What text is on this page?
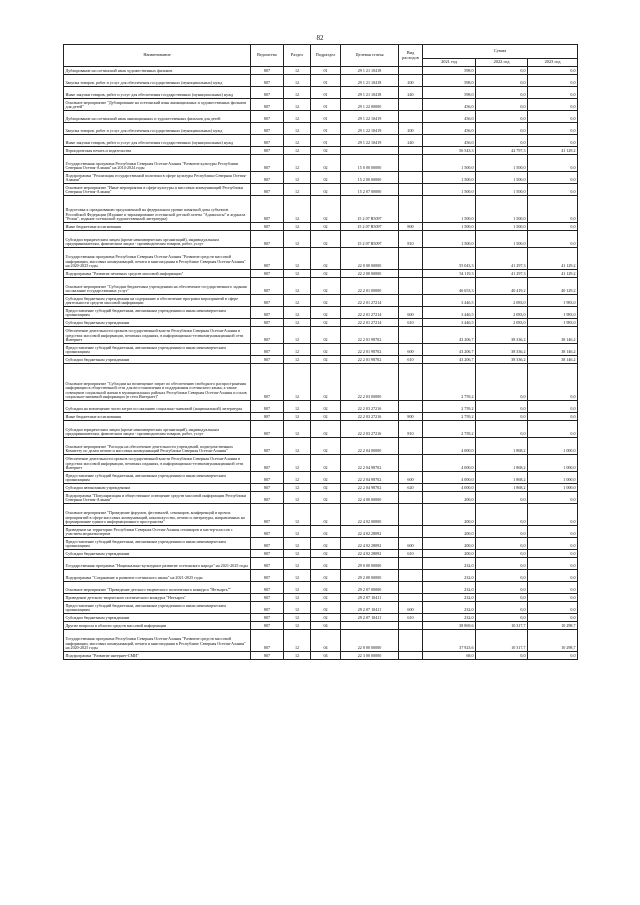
82
Наименование	Ведомство	Раздел	Подраздел	Целевая статья	Вид расходов	Сумма		
						2021 год	2022 год	2023 год
Дублирование на осетинский язык художественных фильмов	807	12	01	29 1 21 10418		598,0	0,0	0,0
Закупка товаров, работ и услуг для обеспечения государственных (муниципальных) нужд	807	12	01	29 1 21 10418	200	598,0	0,0	0,0
Иные закупки товаров, работ и услуг для обеспечения государственных (муниципальных) нужд	807	12	01	29 1 21 10418	240	598,0	0,0	0,0
Основное мероприятие "Дублирование на осетинский язык анимационных и художественных фильмов для детей"	807	12	01	29 1 22 00000		456,0	0,0	0,0
Дублирование на осетинский язык анимационных и художественных фильмов для детей	807	12	01	29 1 22 10419		456,0	0,0	0,0
Закупка товаров, работ и услуг для обеспечения государственных (муниципальных) нужд	807	12	01	29 1 22 10419	200	456,0	0,0	0,0
Иные закупки товаров, работ и услуг для обеспечения государственных (муниципальных) нужд	807	12	01	29 1 22 10419	240	456,0	0,0	0,0
Периодическая печать и издательства	807	12	02			56 543,3	42 797,3	41 129,2
Государственная программа Республики Северная Осетия-Алания "Развитие культуры Республики Северная Осетия-Алания" на 2014-2024 годы	807	12	02	15 0 00 00000		1 500,0	1 500,0	0,0
Подпрограмма "Реализация государственной политики в сфере культуры Республики Северная Осетия-Алания"	807	12	02	15 2 00 00000		1 500,0	1 500,0	0,0
Основное мероприятие "Иные мероприятия в сфере культуры и массовых коммуникаций Республики Северная Осетия-Алания"	807	12	02	15 2 07 00000		1 500,0	1 500,0	0,0
Подготовка к празднованию предложенной на федеральном уровне памятной даты субъектов Российской Федерации (Издание и тиражирование осетинской детской газеты "Адамаласы" и журнала "Розан", издание осетинской художественной литературы)	807	12	02	15 2 07 R5097		1 500,0	1 500,0	0,0
Иные бюджетные ассигнования	807	12	02	15 2 07 R5097	800	1 500,0	1 500,0	0,0
Субсидии юридическим лицам (кроме некоммерческих организаций), индивидуальным предпринимателям, физическим лицам - производителям товаров, работ, услуг	807	12	02	15 2 07 R5097	810	1 500,0	1 500,0	0,0
Государственная программа Республики Северная Осетия-Алания "Развитие средств массовой информации, массовых коммуникаций, печати и книгоиздания в Республике Северная Осетия-Алания" на 2020-2025 годы	807	12	02	22 0 00 00000		55 043,3	41 297,3	41 129,2
Подпрограмма "Развитие печатных средств массовой информации"	807	12	02	22 2 00 00000		54 119,3	41 297,3	41 129,2
Основное мероприятие "Субсидии бюджетным учреждениям на обеспечение государственного задания на оказание государственных услуг"	807	12	02	22 2 01 00000		46 653,3	40 419,2	40 129,2
Субсидии бюджетным учреждениям на содержание и обеспечение программ мероприятий в сфере деятельности средств массовой информации	807	12	02	22 2 01 27214		3 446,5	2 083,0	1 983,0
Предоставление субсидий бюджетным, автономным учреждениям и иным некоммерческим организациям	807	12	02	22 2 01 27214	600	3 446,5	2 083,0	1 983,0
Субсидии бюджетным учреждениям	807	12	02	22 2 01 27214	610	3 446,5	2 083,0	1 983,0
Обеспечение деятельности органов государственной власти Республики Северная Осетия-Алания в средствах массовой информации, печатных изданиях, в информационно-телекоммуникационной сети Интернет	807	12	02	22 2 01 98702		43 206,7	38 336,2	38 146,2
Предоставление субсидий бюджетным, автономным учреждениям и иным некоммерческим организациям	807	12	02	22 2 01 98702	600	43 206,7	38 336,2	38 146,2
Субсидии бюджетным учреждениям	807	12	02	22 2 01 98702	610	43 206,7	38 336,2	38 146,2
Основное мероприятие "Субсидии на возмещение затрат по обеспечению свободного распространения информации в общественной сети для восстановления и поддержания осетинского языка, а также освещение социальной жизни в муниципальных районах Республики Северная Осетия-Алания и основ социально-значимой информации (в сети Интернет)"	807	12	02	22 2 03 00000		2 759,2	0,0	0,0
Субсидии на возмещение части затрат по оказанию социально-значимой (национальной) литературы	807	12	02	22 2 03 27216		2 759,2	0,0	0,0
Иные бюджетные ассигнования	807	12	02	22 2 03 27216	800	2 759,2	0,0	0,0
Субсидии юридическим лицам (кроме некоммерческих организаций), индивидуальным предпринимателям, физическим лицам - производителям товаров, работ, услуг	807	12	02	22 2 03 27216	810	2 759,2	0,0	0,0
Основное мероприятие "Расходы на обеспечение деятельности учреждений, подведомственных Комитету по делам печати и массовых коммуникаций Республики Северная Осетия-Алания"	807	12	02	22 2 04 00000		4 000,0	1 868,2	1 000,0
Обеспечение деятельности органов государственной власти Республики Северная Осетия-Алания в средствах массовой информации, печатных изданиях, в информационно-телекоммуникационной сети Интернет	807	12	02	22 2 04 98702		4 000,0	1 868,2	1 000,0
Предоставление субсидий бюджетным, автономным учреждениям и иным некоммерческим организациям	807	12	02	22 2 04 98702	600	4 000,0	1 868,2	1 000,0
Субсидии автономным учреждениям	807	12	02	22 2 04 98702	620	4 000,0	1 868,2	1 000,0
Подпрограмма "Популяризация и общественное освещение средств массовой информации Республики Северная Осетия-Алания"	807	12	02	22 4 00 00000		200,0	0,0	0,0
Основное мероприятие "Проведение форумов, фестивалей, семинаров, конференций и прочих мероприятий в сфере массовых коммуникаций, киноискусства, печати и литературы, направленных на формирование единого информационного пространства"	807	12	02	22 4 02 00000		200,0	0,0	0,0
Проведение на территории Республики Северная Осетия-Алания семинаров и мастер-классов с участием медиаэкспертов	807	12	02	22 4 02 28092		200,0	0,0	0,0
Предоставление субсидий бюджетным, автономным учреждениям и иным некоммерческим организациям	807	12	02	22 4 02 28092	600	200,0	0,0	0,0
Субсидии бюджетным учреждениям	807	12	02	22 4 02 28092	610	200,0	0,0	0,0
Государственная программа "Национально-культурное развитие осетинского народа" на 2021-2025 годы	807	12	02	29 0 00 00000		232,0	0,0	0,0
Подпрограмма "Сохранение и развитие осетинского языка" на 2021-2025 годы	807	12	02	29 2 00 00000		232,0	0,0	0,0
Основное мероприятие "Проведение детского творческого поэтического конкурса "Нетъаргъ""	807	12	02	29 2 07 00000		232,0	0,0	0,0
Проведение детского творческого поэтического конкурса "Нетъаргъ"	807	12	02	29 2 07 10411		232,0	0,0	0,0
Предоставление субсидий бюджетным, автономным учреждениям и иным некоммерческим организациям	807	12	02	29 2 07 10411	600	232,0	0,0	0,0
Субсидии бюджетным учреждениям	807	12	02	29 2 07 10411	610	232,0	0,0	0,0
Другие вопросы в области средств массовой информации	807	12	04			38 869,6	10 317,7	10 298,7
Государственная программа Республики Северная Осетия-Алания "Развитие средств массовой информации, массовых коммуникаций, печати и книгоиздания в Республике Северная Осетия-Алания" на 2020-2025 годы	807	12	04	22 0 00 00000		37 923,6	10 317,7	10 298,7
Подпрограмма "Развитие интернет-СМИ"	807	12	04	22 3 00 00000		68,0	0,0	0,0
